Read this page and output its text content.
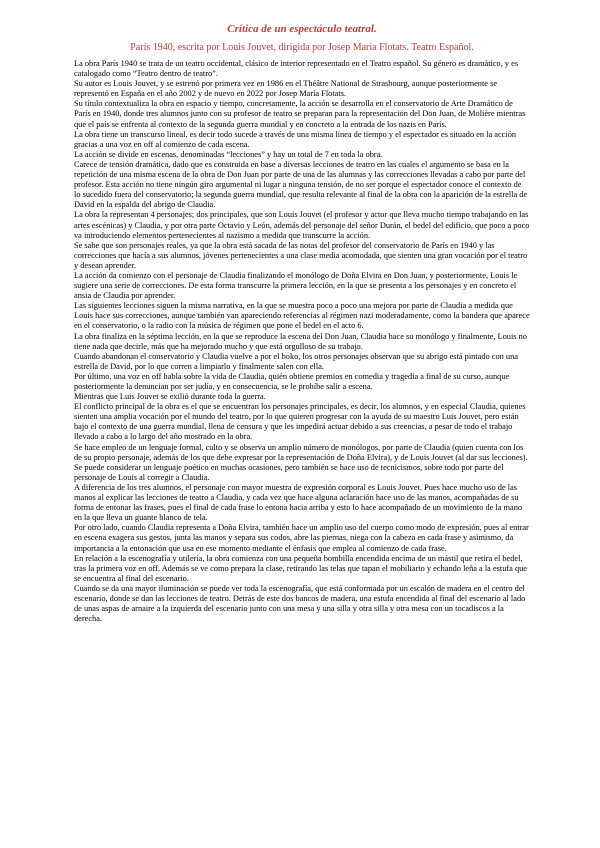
Crítica de un espectáculo teatral.
París 1940, escrita por Louis Jouvet, dirigida por Josep María Flotats. Teatro Español.

La obra París 1940 se trata de un teatro occidental, clásico de interior representado en el Teatro español. Su género es dramático, y es catalogado como “Teatro dentro de teatro”.

Su autor es Louis Jouvet, y se estrenó por primera vez en 1986 en el Théâtre National de Strasbourg, aunque posteriormente se representó en España en el año 2002 y de nuevo en 2022 por Josep María Flotats.

Su título contextualiza la obra en espacio y tiempo, concretamente, la acción se desarrolla en el conservatorio de Arte Dramático de París en 1940, donde tres alumnos junto con su profesor de teatro se preparan para la representación del Don Juan, de Molière mientras que el país se enfrenta al contexto de la segunda guerra mundial y en concreto a la entrada de los nazis en París.

La obra tiene un transcurso lineal, es decir todo sucede a través de una misma línea de tiempo y el espectador es situado en la acción gracias a una voz en off al comienzo de cada escena.

La acción se divide en escenas, denominadas “lecciones” y hay un total de 7 en toda la obra.

Carece de tensión dramática, dado que es construida en base a diversas lecciones de teatro en las cuales el argumento se basa en la repetición de una misma escena de la obra de Don Juan por parte de una de las alumnas y las correcciones llevadas a cabo por parte del profesor. Esta acción no tiene ningún giro argumental ni lugar a ninguna tensión, de no ser porque el espectador conoce el contexto de lo sucedido fuera del conservatorio; la segunda guerra mundial, que resulta relevante al final de la obra con la aparición de la estrella de David en la espalda del abrigo de Claudia.

La obra la representan 4 personajes; dos principales, que son Louis Jouvet (el profesor y actor que lleva mucho tiempo trabajando en las artes escénicas) y Claudia, y por otra parte Octavio y León, además del personaje del señor Durán, el bedel del edificio, que poco a poco va introduciendo elementos pertenecientes al nazismo a medida que transcurre la acción.

Se sabe que son personajes reales, ya que la obra está sacada de las notas del profesor del conservatorio de París en 1940 y las correcciones que hacía a sus alumnos, jóvenes pertenecientes a una clase media acomodada, que sienten una gran vocación por el teatro y desean aprender.

La acción da comienzo con el personaje de Claudia finalizando el monólogo de Doña Elvira en Don Juan, y posteriormente, Louis le sugiere una serie de correcciones. De esta forma transcurre la primera lección, en la que se presenta a los personajes y en concreto el ansia de Claudia por aprender.

Las siguientes lecciones siguen la misma narrativa, en la que se muestra poco a poco una mejora por parte de Claudia a medida que Louis hace sus correcciones, aunque también van apareciendo referencias al régimen nazi moderadamente, como la bandera que aparece en el conservatorio, o la radio con la música de régimen que pone el bedel en el acto 6.

La obra finaliza en la séptima lección, en la que se reproduce la escena del Don Juan, Claudia hace su monólogo y finalmente, Louis no tiene nada que decirle, más que ha mejorado mucho y que está orgulloso de su trabajo.

Cuando abandonan el conservatorio y Claudia vuelve a por el boko, los otros personajes observan que su abrigo está pintado con una estrella de David, por lo que corren a limpiarlo y finalmente salen con ella.

Por último, una voz en off habla sobre la vida de Claudia, quién obtiene premios en comedia y tragedia a final de su curso, aunque posteriormente la denuncian por ser judía, y en consecuencia, se le prohíbe salir a escena.

Mientras que Luis Jouvet se exilió durante toda la guerra.

El conflicto principal de la obra es el que se encuentran los personajes principales, es decir, los alumnos, y en especial Claudia, quienes sienten una amplia vocación por el mundo del teatro, por lo que quieren progresar con la ayuda de su maestro Luis Jouvet, pero están bajo el contexto de una guerra mundial, llena de censura y que les impedirá actuar debido a sus creencias, a pesar de todo el trabajo llevado a cabo a lo largo del año mostrado en la obra.

Se hace empleo de un lenguaje formal, culto y se observa un amplio número de monólogos, por parte de Claudia (quien cuenta con los de su propio personaje, además de los que debe expresar por la representación de Doña Elvira), y de Louis Jouvet (al dar sus lecciones).

Se puede considerar un lenguaje poético en muchas ocasiones, pero también se hace uso de tecnicismos, sobre todo por parte del personaje de Louis al corregir a Claudia.

A diferencia de los tres alumnos, el personaje con mayor muestra de expresión corporal es Louis Jouvet. Pues hace mucho uso de las manos al explicar las lecciones de teatro a Claudia, y cada vez que hace alguna aclaración hace uso de las manos, acompañadas de su forma de entonar las frases, pues el final de cada frase lo entona hacia arriba y esto lo hace acompañado de un movimiento de la mano en la que lleva un guante blanco de tela.

Por otro lado, cuando Claudia representa a Doña Elvira, también hace un amplio uso del cuerpo como modo de expresión, pues al entrar en escena exagera sus gestos, junta las manos y separa sus codos, abre las piernas, niega con la cabeza en cada frase y asimismo, da importancia a la entonación que usa en ese momento mediante el énfasis que emplea al comienzo de cada frase.

En relación a la escenografía y utilería, la obra comienza con una pequeña bombilla encendida encima de un mástil que retira el bedel, tras la primera voz en off. Además se ve como prepara la clase, retirando las telas que tapan el mobiliario y echando leña a la estufa que se encuentra al final del escenario.

Cuando se da una mayor iluminación se puede ver toda la escenografía, que está conformada por un escalón de madera en el centro del escenario, donde se dan las lecciones de teatro. Detrás de este dos bancos de madera, una estufa encendida al final del escenario al lado de unas aspas de arnaire a la izquierda del escenario junto con una mesa y una silla y otra silla y otra mesa con un tocadiscos a la derecha.
